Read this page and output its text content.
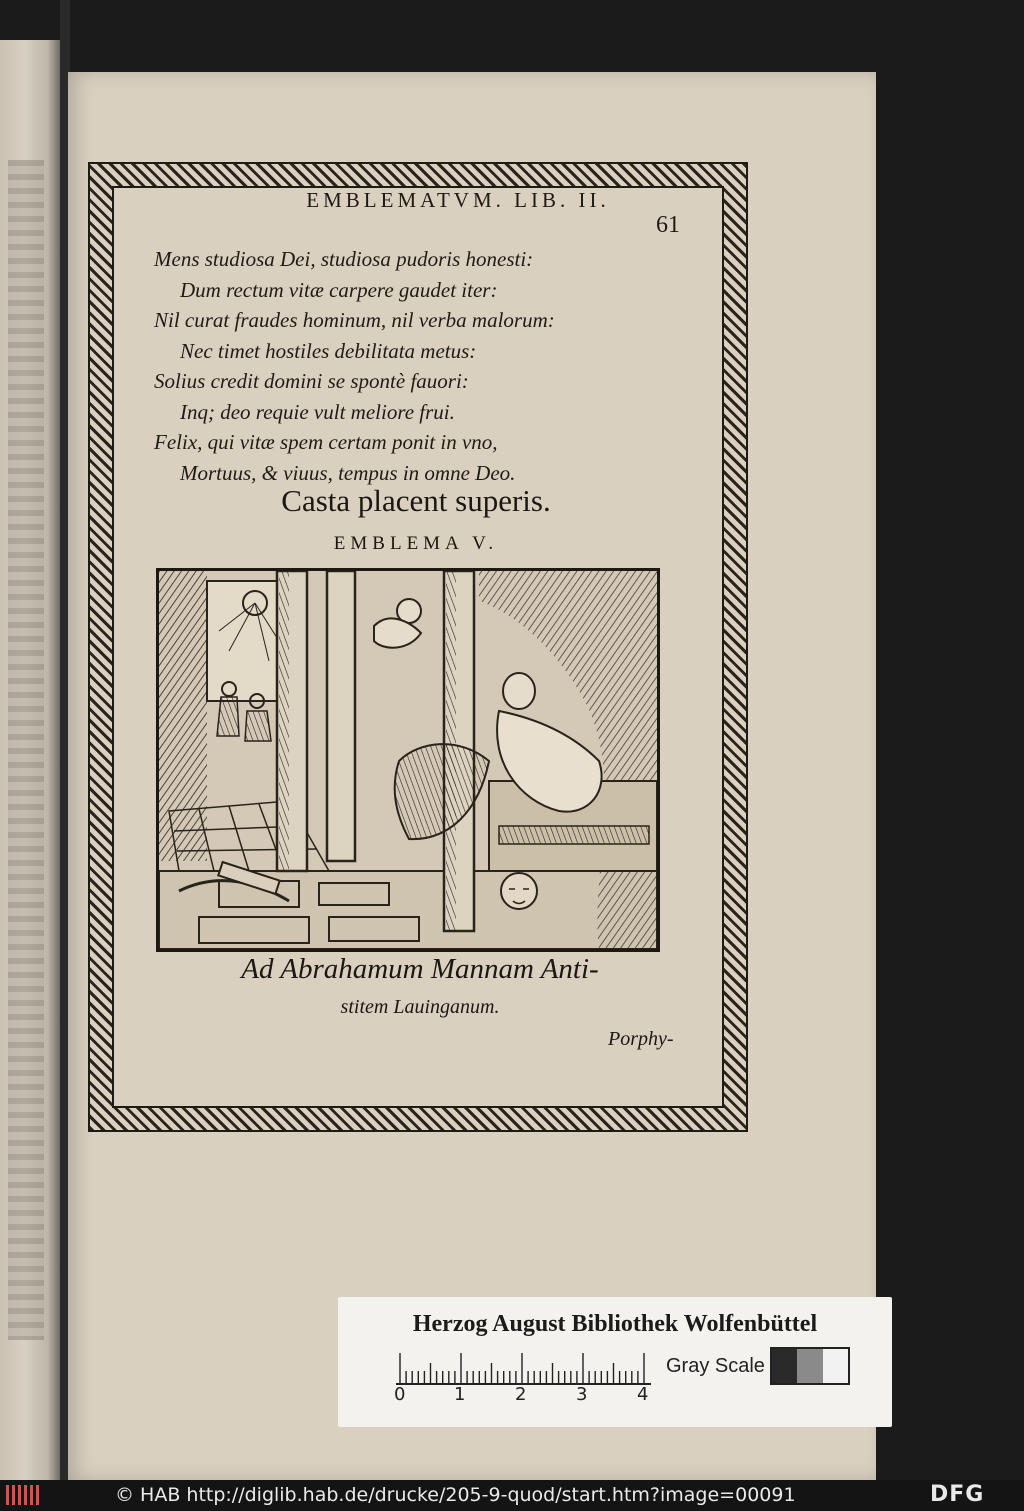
EMBLEMATVM. LIB. II.
61
Mens studiosa Dei, studiosa pudoris honesti:
Dum rectum vitæ carpere gaudet iter:
Nil curat fraudes hominum, nil verba malorum:
Nec timet hostiles debilitata metus:
Solius credit domini se spontè fauori:
Inq; deo requie vult meliore frui.
Felix, qui vitæ spem certam ponit in vno,
Mortuus, & viuus, tempus in omne Deo.
Casta placent superis.
EMBLEMA V.
Ad Abrahamum Mannam Anti-
stitem Lauinganum.
Porphy-
Herzog August Bibliothek Wolfenbüttel
0	1	2	3	4
Gray Scale
© HAB http://diglib.hab.de/drucke/205-9-quod/start.htm?image=00091	DFG
